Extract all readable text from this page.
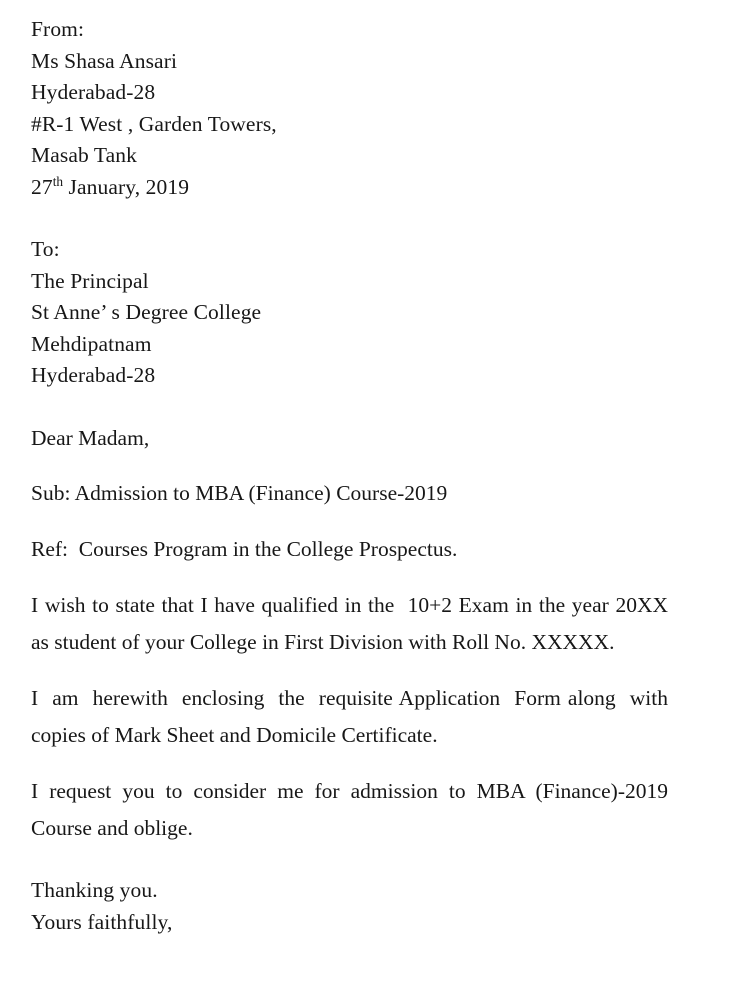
From:
Ms Shasa Ansari
Hyderabad-28
#R-1 West , Garden Towers,
Masab Tank
27th January, 2019
To:
The Principal
St Anne’ s Degree College
Mehdipatnam
Hyderabad-28
Dear Madam,
Sub: Admission to MBA (Finance) Course-2019
Ref:  Courses Program in the College Prospectus.
I wish to state that I have qualified in the  10+2 Exam in the year 20XX
as student of your College in First Division with Roll No. XXXXX.
I  am  herewith  enclosing  the  requisite Application  Form along  with
copies of Mark Sheet and Domicile Certificate.
I  request  you  to  consider  me  for  admission  to  MBA  (Finance)-2019
Course and oblige.
Thanking you.
Yours faithfully,
